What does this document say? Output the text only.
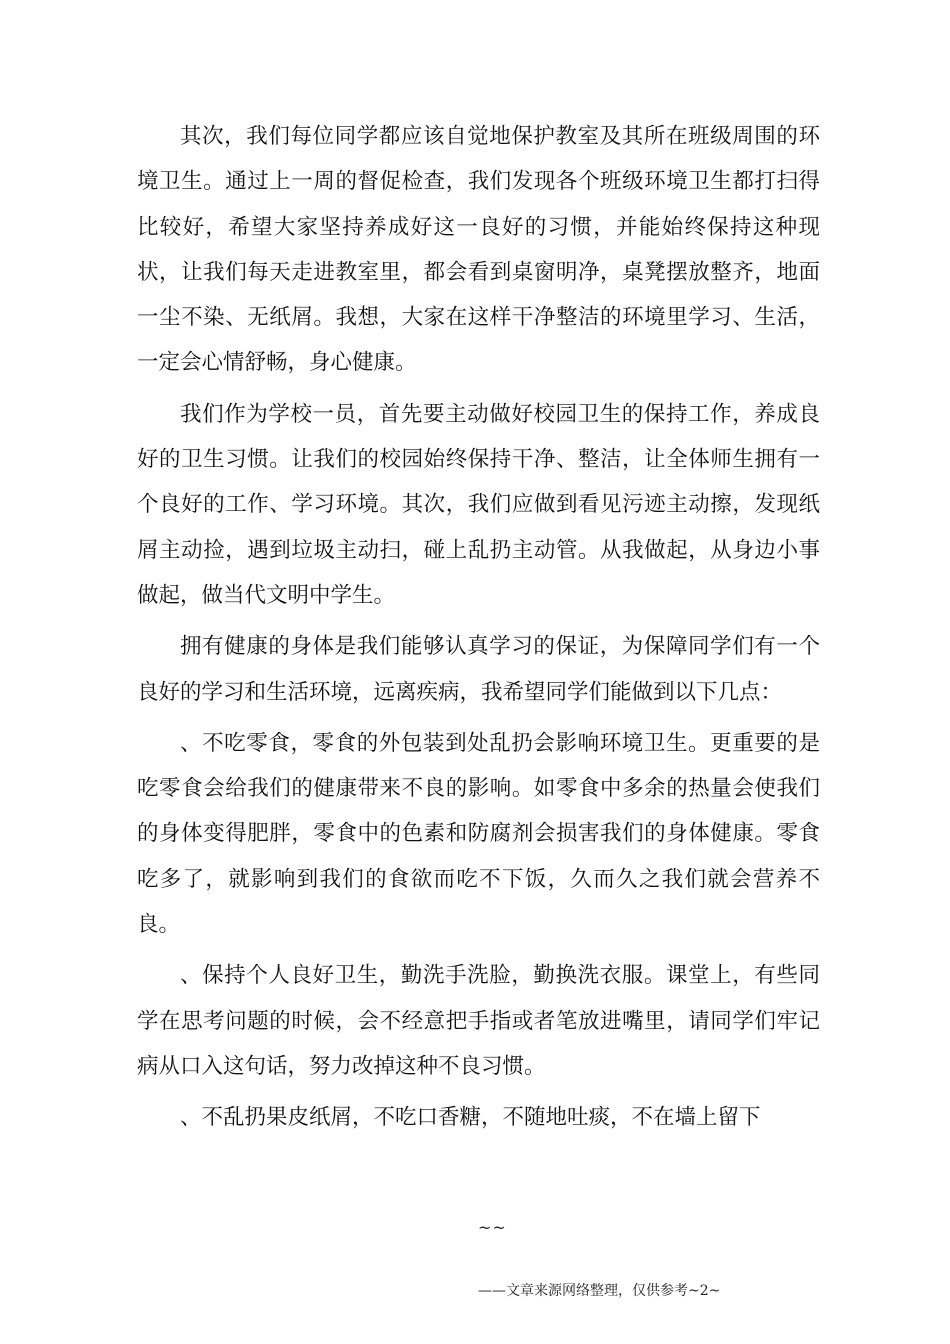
其次，我们每位同学都应该自觉地保护教室及其所在班级周围的环境卫生。通过上一周的督促检查，我们发现各个班级环境卫生都打扫得比较好，希望大家坚持养成好这一良好的习惯，并能始终保持这种现状，让我们每天走进教室里，都会看到桌窗明净，桌凳摆放整齐，地面一尘不染、无纸屑。我想，大家在这样干净整洁的环境里学习、生活，一定会心情舒畅，身心健康。

我们作为学校一员，首先要主动做好校园卫生的保持工作，养成良好的卫生习惯。让我们的校园始终保持干净、整洁，让全体师生拥有一个良好的工作、学习环境。其次，我们应做到看见污迹主动擦，发现纸屑主动捡，遇到垃圾主动扫，碰上乱扔主动管。从我做起，从身边小事做起，做当代文明中学生。

拥有健康的身体是我们能够认真学习的保证，为保障同学们有一个良好的学习和生活环境，远离疾病，我希望同学们能做到以下几点：

、不吃零食，零食的外包装到处乱扔会影响环境卫生。更重要的是吃零食会给我们的健康带来不良的影响。如零食中多余的热量会使我们的身体变得肥胖，零食中的色素和防腐剂会损害我们的身体健康。零食吃多了，就影响到我们的食欲而吃不下饭，久而久之我们就会营养不良。

、保持个人良好卫生，勤洗手洗脸，勤换洗衣服。课堂上，有些同学在思考问题的时候，会不经意把手指或者笔放进嘴里，请同学们牢记病从口入这句话，努力改掉这种不良习惯。

、不乱扔果皮纸屑，不吃口香糖，不随地吐痰，不在墙上留下

~~
——文章来源网络整理，仅供参考~2~
